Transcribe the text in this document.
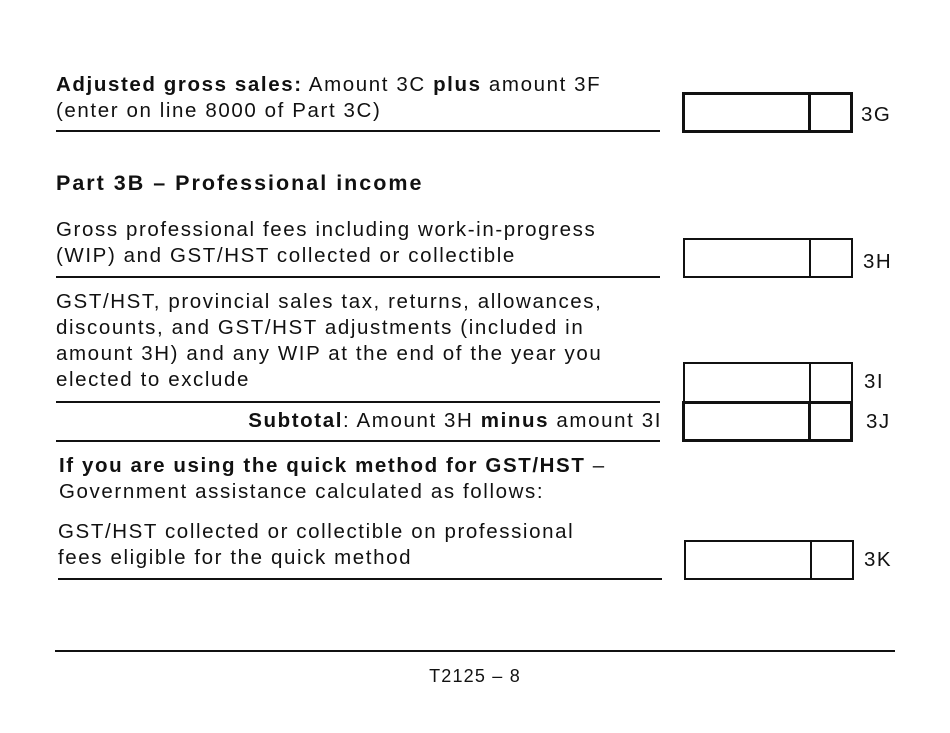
Adjusted gross sales: Amount 3C plus amount 3F

(enter on line 8000 of Part 3C)	3G

Part 3B – Professional income

Gross professional fees including work-in-progress

(WIP) and GST/HST collected or collectible	3H

GST/HST, provincial sales tax, returns, allowances,

discounts, and GST/HST adjustments (included in

amount 3H) and any WIP at the end of the year you

elected to exclude	3I

Subtotal: Amount 3H minus amount 3I	3J

If you are using the quick method for GST/HST –

Government assistance calculated as follows:

GST/HST collected or collectible on professional

fees eligible for the quick method	3K
T2125 – 8
